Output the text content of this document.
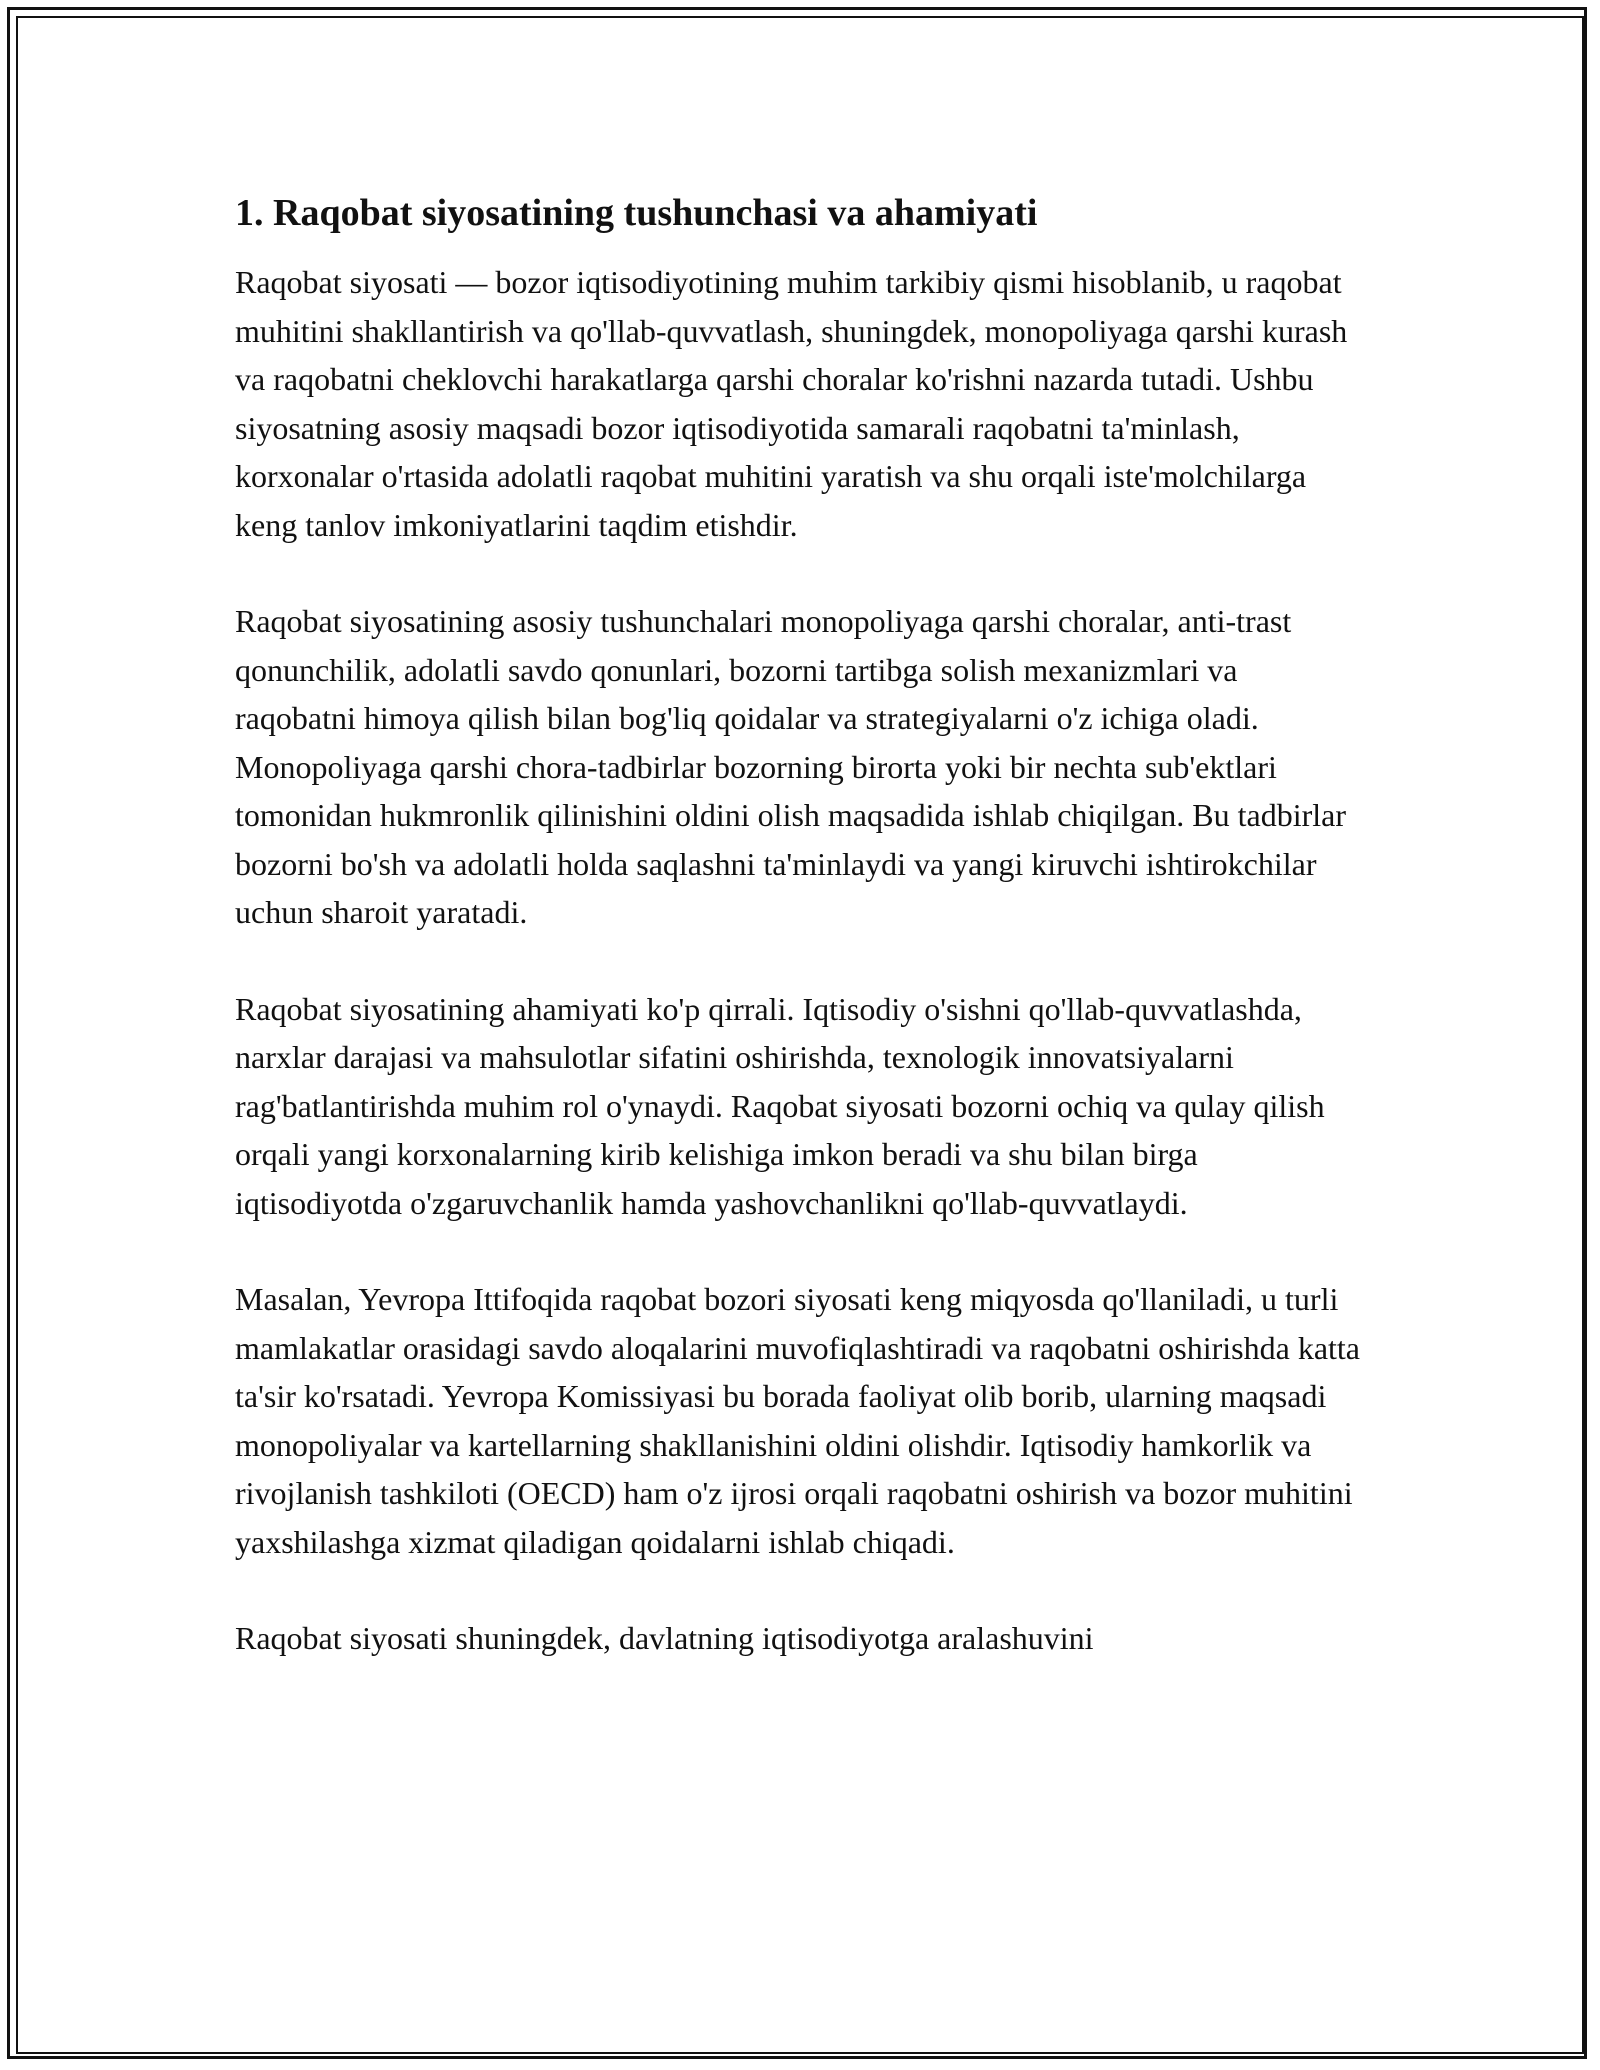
1. Raqobat siyosatining tushunchasi va ahamiyati

Raqobat siyosati — bozor iqtisodiyotining muhim tarkibiy qismi hisoblanib, u raqobat muhitini shakllantirish va qo'llab-quvvatlash, shuningdek, monopoliyaga qarshi kurash va raqobatni cheklovchi harakatlarga qarshi choralar ko'rishni nazarda tutadi. Ushbu siyosatning asosiy maqsadi bozor iqtisodiyotida samarali raqobatni ta'minlash, korxonalar o'rtasida adolatli raqobat muhitini yaratish va shu orqali iste'molchilarga keng tanlov imkoniyatlarini taqdim etishdir.

Raqobat siyosatining asosiy tushunchalari monopoliyaga qarshi choralar, anti-trast qonunchilik, adolatli savdo qonunlari, bozorni tartibga solish mexanizmlari va raqobatni himoya qilish bilan bog'liq qoidalar va strategiyalarni o'z ichiga oladi. Monopoliyaga qarshi chora-tadbirlar bozorning birorta yoki bir nechta sub'ektlari tomonidan hukmronlik qilinishini oldini olish maqsadida ishlab chiqilgan. Bu tadbirlar bozorni bo'sh va adolatli holda saqlashni ta'minlaydi va yangi kiruvchi ishtirokchilar uchun sharoit yaratadi.

Raqobat siyosatining ahamiyati ko'p qirrali. Iqtisodiy o'sishni qo'llab-quvvatlashda, narxlar darajasi va mahsulotlar sifatini oshirishda, texnologik innovatsiyalarni rag'batlantirishda muhim rol o'ynaydi. Raqobat siyosati bozorni ochiq va qulay qilish orqali yangi korxonalarning kirib kelishiga imkon beradi va shu bilan birga iqtisodiyotda o'zgaruvchanlik hamda yashovchanlikni qo'llab-quvvatlaydi.

Masalan, Yevropa Ittifoqida raqobat bozori siyosati keng miqyosda qo'llaniladi, u turli mamlakatlar orasidagi savdo aloqalarini muvofiqlashtiradi va raqobatni oshirishda katta ta'sir ko'rsatadi. Yevropa Komissiyasi bu borada faoliyat olib borib, ularning maqsadi monopoliyalar va kartellarning shakllanishini oldini olishdir. Iqtisodiy hamkorlik va rivojlanish tashkiloti (OECD) ham o'z ijrosi orqali raqobatni oshirish va bozor muhitini yaxshilashga xizmat qiladigan qoidalarni ishlab chiqadi.

Raqobat siyosati shuningdek, davlatning iqtisodiyotga aralashuvini
